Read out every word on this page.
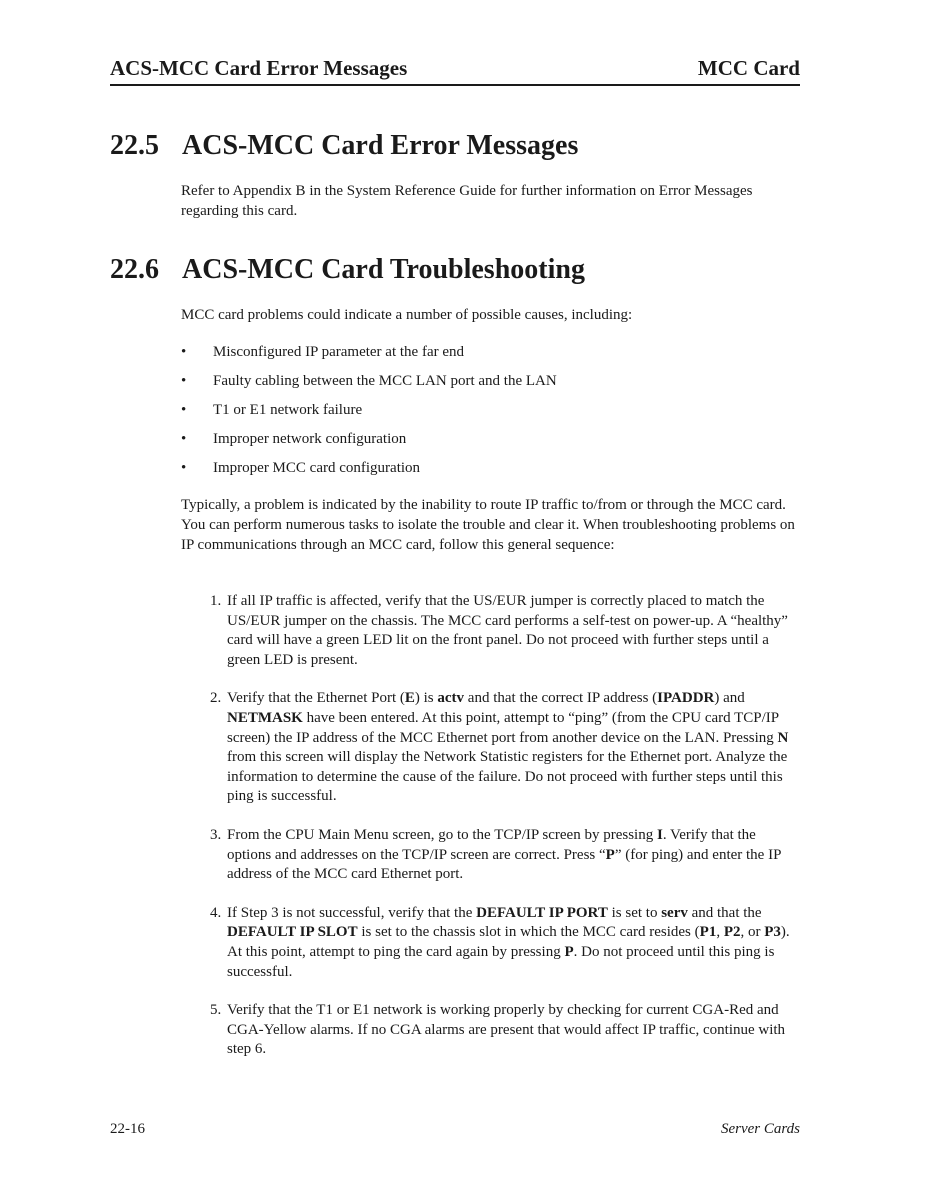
ACS-MCC Card Error Messages	MCC Card
22.5 ACS-MCC Card Error Messages

Refer to Appendix B in the System Reference Guide for further information on Error Messages regarding this card.

22.6 ACS-MCC Card Troubleshooting

MCC card problems could indicate a number of possible causes, including:

• Misconfigured IP parameter at the far end
• Faulty cabling between the MCC LAN port and the LAN
• T1 or E1 network failure
• Improper network configuration
• Improper MCC card configuration

Typically, a problem is indicated by the inability to route IP traffic to/from or through the MCC card. You can perform numerous tasks to isolate the trouble and clear it. When troubleshooting problems on IP communications through an MCC card, follow this general sequence:

1. If all IP traffic is affected, verify that the US/EUR jumper is correctly placed to match the US/EUR jumper on the chassis. The MCC card performs a self-test on power-up. A “healthy” card will have a green LED lit on the front panel. Do not proceed with further steps until a green LED is present.
2. Verify that the Ethernet Port (E) is actv and that the correct IP address (IPADDR) and NETMASK have been entered. At this point, attempt to “ping” (from the CPU card TCP/IP screen) the IP address of the MCC Ethernet port from another device on the LAN. Pressing N from this screen will display the Network Statistic registers for the Ethernet port. Analyze the information to determine the cause of the failure. Do not proceed with further steps until this ping is successful.
3. From the CPU Main Menu screen, go to the TCP/IP screen by pressing I. Verify that the options and addresses on the TCP/IP screen are correct. Press “P” (for ping) and enter the IP address of the MCC card Ethernet port.
4. If Step 3 is not successful, verify that the DEFAULT IP PORT is set to serv and that the DEFAULT IP SLOT is set to the chassis slot in which the MCC card resides (P1, P2, or P3). At this point, attempt to ping the card again by pressing P. Do not proceed until this ping is successful.
5. Verify that the T1 or E1 network is working properly by checking for current CGA-Red and CGA-Yellow alarms. If no CGA alarms are present that would affect IP traffic, continue with step 6.
22-16	Server Cards
